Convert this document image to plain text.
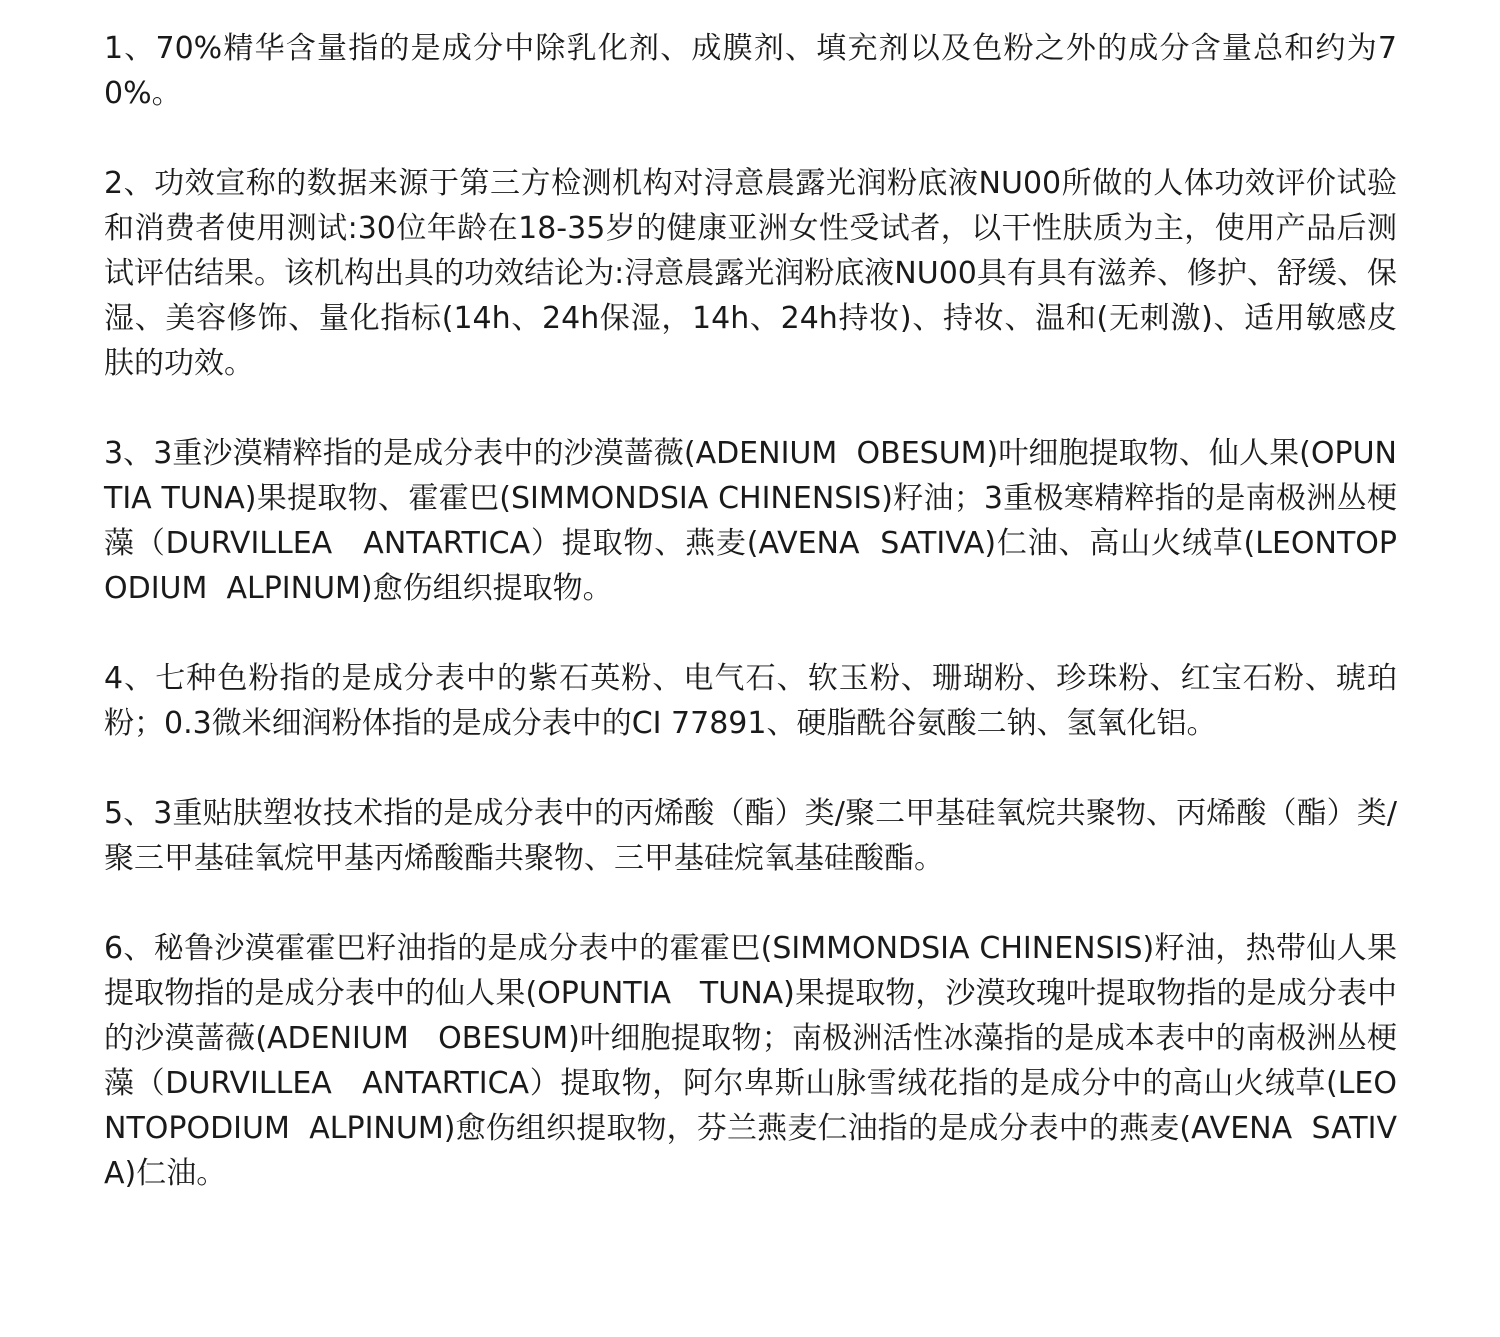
1、70%精华含量指的是成分中除乳化剂、成膜剂、填充剂以及色粉之外的成分含量总和约为70%。

2、功效宣称的数据来源于第三方检测机构对浔意晨露光润粉底液NU00所做的人体功效评价试验和消费者使用测试:30位年龄在18-35岁的健康亚洲女性受试者，以干性肤质为主，使用产品后测试评估结果。该机构出具的功效结论为:浔意晨露光润粉底液NU00具有具有滋养、修护、舒缓、保湿、美容修饰、量化指标(14h、24h保湿，14h、24h持妆)、持妆、温和(无刺激)、适用敏感皮肤的功效。

3、3重沙漠精粹指的是成分表中的沙漠蔷薇(ADENIUM  OBESUM)叶细胞提取物、仙人果(OPUNTIA TUNA)果提取物、霍霍巴(SIMMONDSIA CHINENSIS)籽油；3重极寒精粹指的是南极洲丛梗藻（DURVILLEA   ANTARTICA）提取物、燕麦(AVENA  SATIVA)仁油、高山火绒草(LEONTOPODIUM  ALPINUM)愈伤组织提取物。

4、七种色粉指的是成分表中的紫石英粉、电气石、软玉粉、珊瑚粉、珍珠粉、红宝石粉、琥珀粉；0.3微米细润粉体指的是成分表中的CI 77891、硬脂酰谷氨酸二钠、氢氧化铝。

5、3重贴肤塑妆技术指的是成分表中的丙烯酸（酯）类/聚二甲基硅氧烷共聚物、丙烯酸（酯）类/聚三甲基硅氧烷甲基丙烯酸酯共聚物、三甲基硅烷氧基硅酸酯。

6、秘鲁沙漠霍霍巴籽油指的是成分表中的霍霍巴(SIMMONDSIA CHINENSIS)籽油，热带仙人果提取物指的是成分表中的仙人果(OPUNTIA   TUNA)果提取物，沙漠玫瑰叶提取物指的是成分表中的沙漠蔷薇(ADENIUM   OBESUM)叶细胞提取物；南极洲活性冰藻指的是成本表中的南极洲丛梗藻（DURVILLEA   ANTARTICA）提取物，阿尔卑斯山脉雪绒花指的是成分中的高山火绒草(LEONTOPODIUM  ALPINUM)愈伤组织提取物，芬兰燕麦仁油指的是成分表中的燕麦(AVENA  SATIVA)仁油。
